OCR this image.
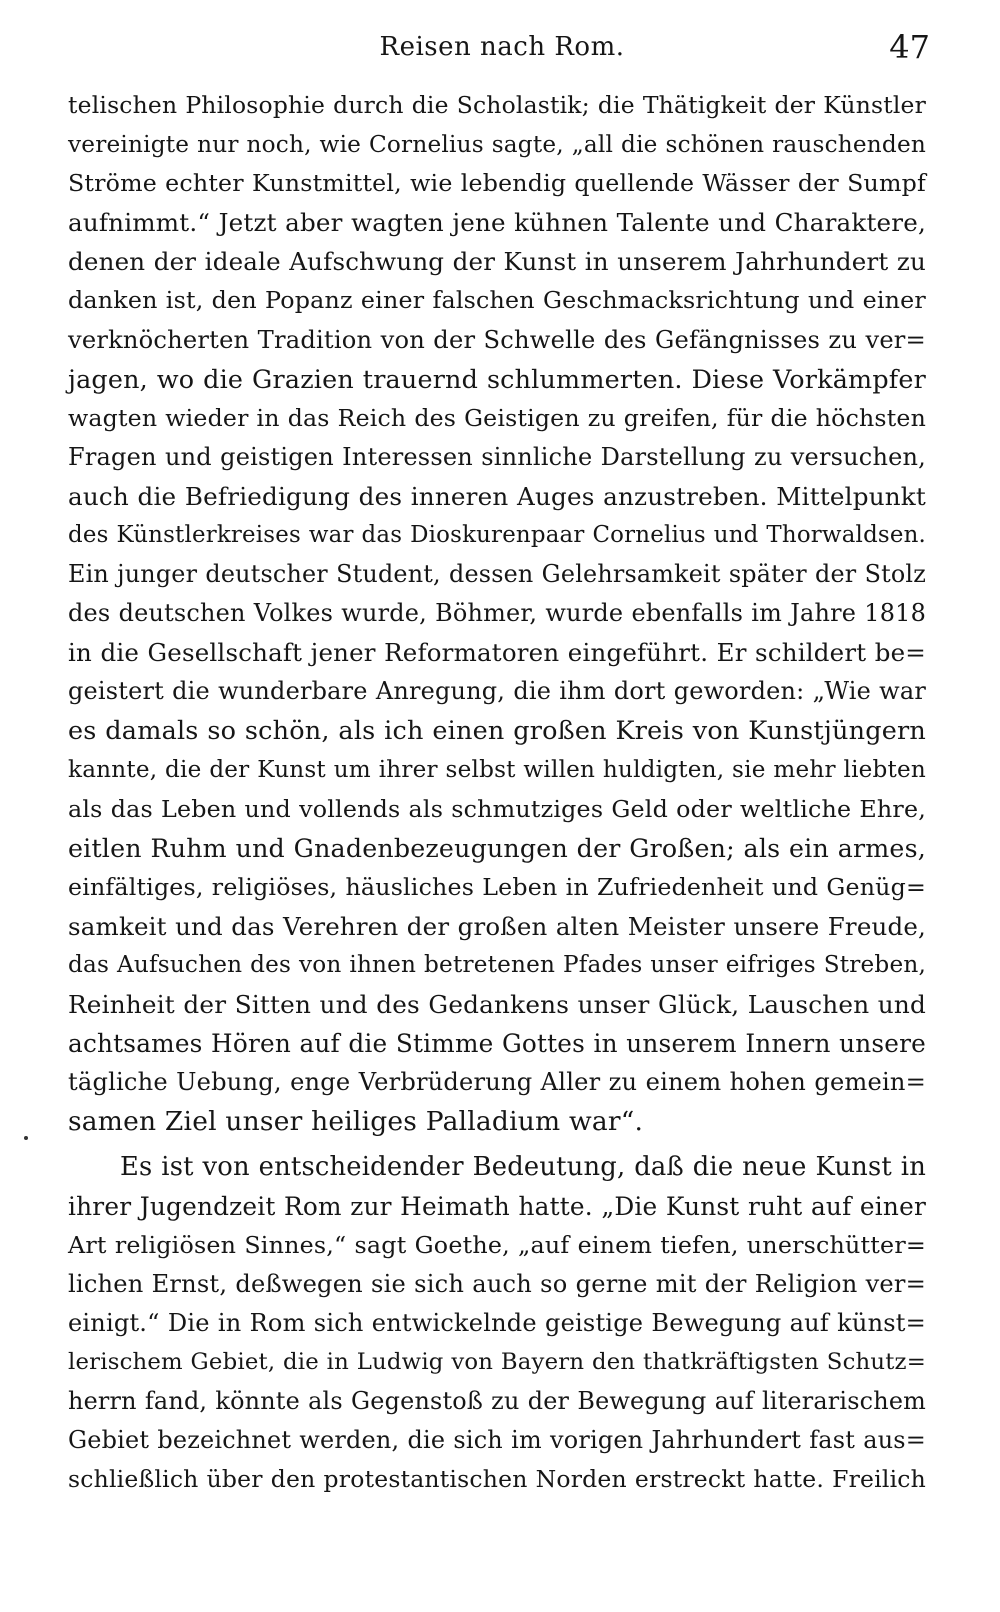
Reisen nach Rom.	47
telischen Philosophie durch die Scholastik; die Thätigkeit der Künstler
vereinigte nur noch, wie Cornelius sagte, „all die schönen rauschenden
Ströme echter Kunstmittel, wie lebendig quellende Wässer der Sumpf
aufnimmt.“ Jetzt aber wagten jene kühnen Talente und Charaktere,
denen der ideale Aufschwung der Kunst in unserem Jahrhundert zu
danken ist, den Popanz einer falschen Geschmacksrichtung und einer
verknöcherten Tradition von der Schwelle des Gefängnisses zu ver=
jagen, wo die Grazien trauernd schlummerten. Diese Vorkämpfer
wagten wieder in das Reich des Geistigen zu greifen, für die höchsten
Fragen und geistigen Interessen sinnliche Darstellung zu versuchen,
auch die Befriedigung des inneren Auges anzustreben. Mittelpunkt
des Künstlerkreises war das Dioskurenpaar Cornelius und Thorwaldsen.
Ein junger deutscher Student, dessen Gelehrsamkeit später der Stolz
des deutschen Volkes wurde, Böhmer, wurde ebenfalls im Jahre 1818
in die Gesellschaft jener Reformatoren eingeführt. Er schildert be=
geistert die wunderbare Anregung, die ihm dort geworden: „Wie war
es damals so schön, als ich einen großen Kreis von Kunstjüngern
kannte, die der Kunst um ihrer selbst willen huldigten, sie mehr liebten
als das Leben und vollends als schmutziges Geld oder weltliche Ehre,
eitlen Ruhm und Gnadenbezeugungen der Großen; als ein armes,
einfältiges, religiöses, häusliches Leben in Zufriedenheit und Genüg=
samkeit und das Verehren der großen alten Meister unsere Freude,
das Aufsuchen des von ihnen betretenen Pfades unser eifriges Streben,
Reinheit der Sitten und des Gedankens unser Glück, Lauschen und
achtsames Hören auf die Stimme Gottes in unserem Innern unsere
tägliche Uebung, enge Verbrüderung Aller zu einem hohen gemein=
samen Ziel unser heiliges Palladium war“.
Es ist von entscheidender Bedeutung, daß die neue Kunst in
ihrer Jugendzeit Rom zur Heimath hatte. „Die Kunst ruht auf einer
Art religiösen Sinnes,“ sagt Goethe, „auf einem tiefen, unerschütter=
lichen Ernst, deßwegen sie sich auch so gerne mit der Religion ver=
einigt.“ Die in Rom sich entwickelnde geistige Bewegung auf künst=
lerischem Gebiet, die in Ludwig von Bayern den thatkräftigsten Schutz=
herrn fand, könnte als Gegenstoß zu der Bewegung auf literarischem
Gebiet bezeichnet werden, die sich im vorigen Jahrhundert fast aus=
schließlich über den protestantischen Norden erstreckt hatte. Freilich
